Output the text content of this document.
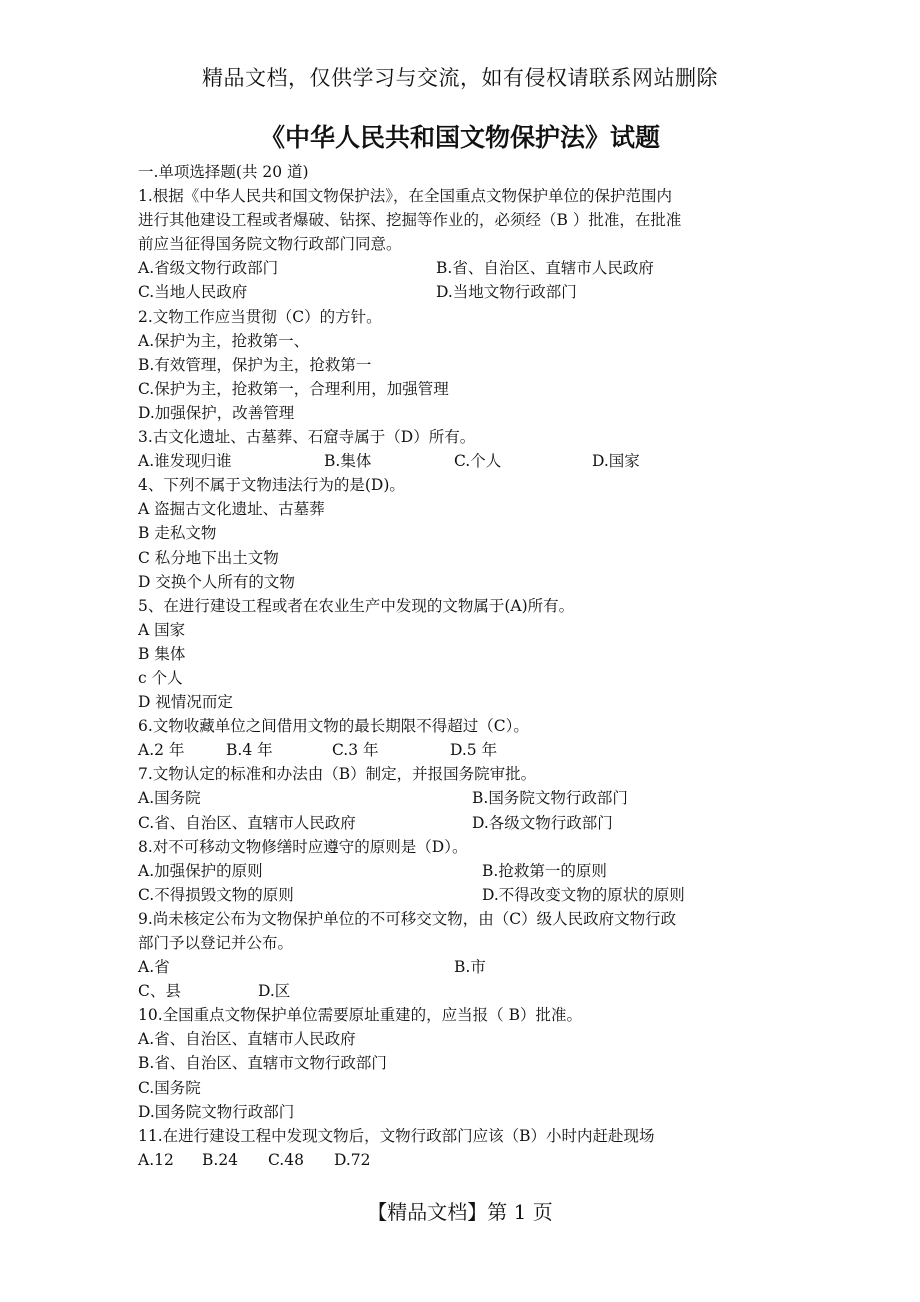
精品文档，仅供学习与交流，如有侵权请联系网站删除
《中华人民共和国文物保护法》试题
一.单项选择题(共 20 道)
1.根据《中华人民共和国文物保护法》，在全国重点文物保护单位的保护范围内
进行其他建设工程或者爆破、钻探、挖掘等作业的，必须经（B ）批准，在批准
前应当征得国务院文物行政部门同意。
A.省级文物行政部门	B.省、自治区、直辖市人民政府
C.当地人民政府	D.当地文物行政部门
2.文物工作应当贯彻（C）的方针。
A.保护为主，抢救第一、
B.有效管理，保护为主，抢救第一
C.保护为主，抢救第一，合理利用，加强管理
D.加强保护，改善管理
3.古文化遗址、古墓葬、石窟寺属于（D）所有。
A.谁发现归谁	B.集体	C.个人	D.国家
4、下列不属于文物违法行为的是(D)。
A 盗掘古文化遗址、古墓葬
B 走私文物
C 私分地下出土文物
D 交换个人所有的文物
5、在进行建设工程或者在农业生产中发现的文物属于(A)所有。
A 国家
B 集体
c 个人
D 视情况而定
6.文物收藏单位之间借用文物的最长期限不得超过（C）。
A.2 年	B.4 年	C.3 年	D.5 年
7.文物认定的标准和办法由（B）制定，并报国务院审批。
A.国务院	B.国务院文物行政部门
C.省、自治区、直辖市人民政府	D.各级文物行政部门
8.对不可移动文物修缮时应遵守的原则是（D）。
A.加强保护的原则	B.抢救第一的原则
C.不得损毁文物的原则	D.不得改变文物的原状的原则
9.尚未核定公布为文物保护单位的不可移交文物，由（C）级人民政府文物行政
部门予以登记并公布。
A.省	B.市
C、县	D.区
10.全国重点文物保护单位需要原址重建的，应当报（ B）批准。
A.省、自治区、直辖市人民政府
B.省、自治区、直辖市文物行政部门
C.国务院
D.国务院文物行政部门
11.在进行建设工程中发现文物后，文物行政部门应该（B）小时内赶赴现场
A.12	B.24	C.48	D.72
【精品文档】第 1 页
